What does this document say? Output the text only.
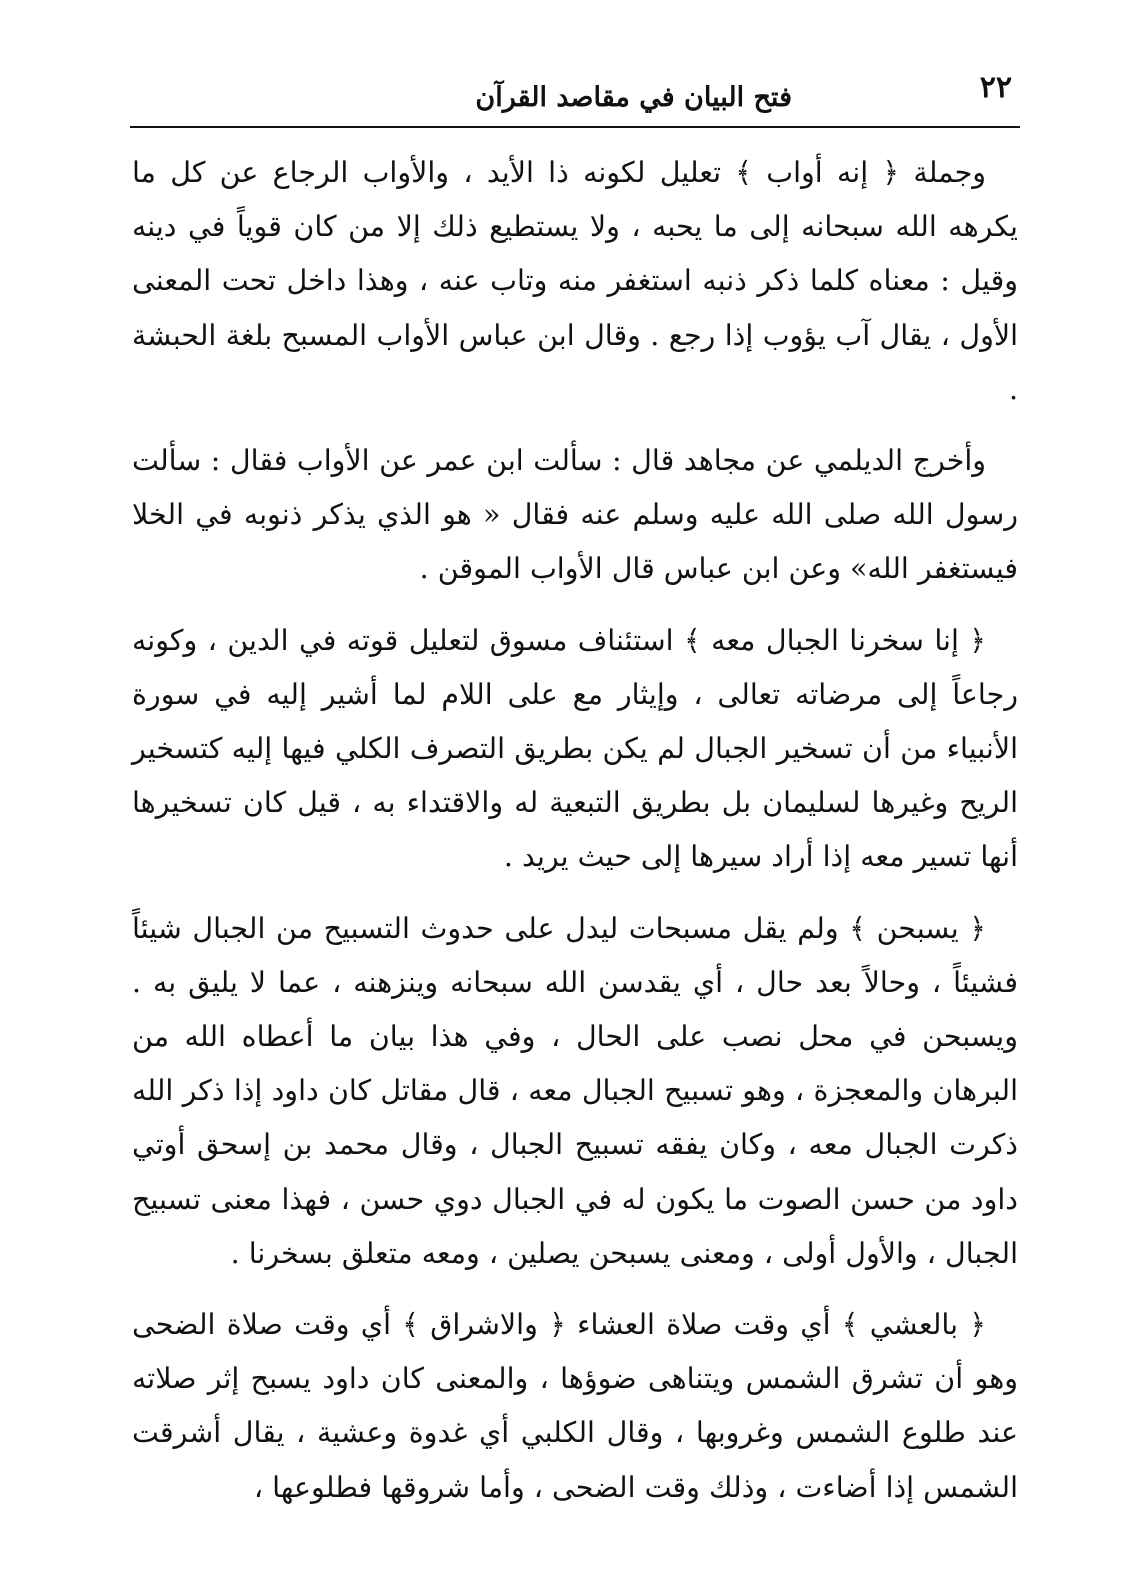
٢٢
فتح البيان في مقاصد القرآن

وجملة ﴿ إنه أواب ﴾ تعليل لكونه ذا الأيد ، والأواب الرجاع عن كل ما يكرهه الله سبحانه إلى ما يحبه ، ولا يستطيع ذلك إلا من كان قوياً في دينه وقيل : معناه كلما ذكر ذنبه استغفر منه وتاب عنه ، وهذا داخل تحت المعنى الأول ، يقال آب يؤوب إذا رجع . وقال ابن عباس الأواب المسبح بلغة الحبشة .

وأخرج الديلمي عن مجاهد قال : سألت ابن عمر عن الأواب فقال : سألت رسول الله صلى الله عليه وسلم عنه فقال « هو الذي يذكر ذنوبه في الخلا فيستغفر الله» وعن ابن عباس قال الأواب الموقن .

﴿ إنا سخرنا الجبال معه ﴾ استئناف مسوق لتعليل قوته في الدين ، وكونه رجاعاً إلى مرضاته تعالى ، وإيثار مع على اللام لما أشير إليه في سورة الأنبياء من أن تسخير الجبال لم يكن بطريق التصرف الكلي فيها إليه كتسخير الريح وغيرها لسليمان بل بطريق التبعية له والاقتداء به ، قيل كان تسخيرها أنها تسير معه إذا أراد سيرها إلى حيث يريد .

﴿ يسبحن ﴾ ولم يقل مسبحات ليدل على حدوث التسبيح من الجبال شيئاً فشيئاً ، وحالاً بعد حال ، أي يقدسن الله سبحانه وينزهنه ، عما لا يليق به . ويسبحن في محل نصب على الحال ، وفي هذا بيان ما أعطاه الله من البرهان والمعجزة ، وهو تسبيح الجبال معه ، قال مقاتل كان داود إذا ذكر الله ذكرت الجبال معه ، وكان يفقه تسبيح الجبال ، وقال محمد بن إسحق أوتي داود من حسن الصوت ما يكون له في الجبال دوي حسن ، فهذا معنى تسبيح الجبال ، والأول أولى ، ومعنى يسبحن يصلين ، ومعه متعلق بسخرنا .

﴿ بالعشي ﴾ أي وقت صلاة العشاء ﴿ والاشراق ﴾ أي وقت صلاة الضحى وهو أن تشرق الشمس ويتناهى ضوؤها ، والمعنى كان داود يسبح إثر صلاته عند طلوع الشمس وغروبها ، وقال الكلبي أي غدوة وعشية ، يقال أشرقت الشمس إذا أضاءت ، وذلك وقت الضحى ، وأما شروقها فطلوعها ،
